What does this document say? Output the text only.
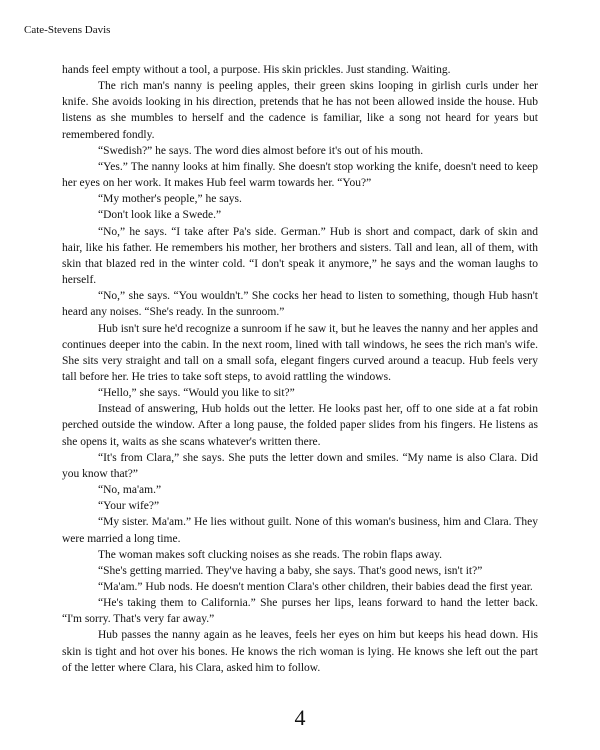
Cate-Stevens Davis

hands feel empty without a tool, a purpose. His skin prickles. Just standing. Waiting.

The rich man's nanny is peeling apples, their green skins looping in girlish curls under her knife. She avoids looking in his direction, pretends that he has not been allowed inside the house. Hub listens as she mumbles to herself and the cadence is familiar, like a song not heard for years but remembered fondly.

“Swedish?” he says. The word dies almost before it's out of his mouth.

“Yes.” The nanny looks at him finally. She doesn't stop working the knife, doesn't need to keep her eyes on her work. It makes Hub feel warm towards her. “You?”

“My mother's people,” he says.

“Don't look like a Swede.”

“No,” he says. “I take after Pa's side. German.” Hub is short and compact, dark of skin and hair, like his father. He remembers his mother, her brothers and sisters. Tall and lean, all of them, with skin that blazed red in the winter cold. “I don't speak it anymore,” he says and the woman laughs to herself.

“No,” she says. “You wouldn't.” She cocks her head to listen to something, though Hub hasn't heard any noises. “She's ready. In the sunroom.”

Hub isn't sure he'd recognize a sunroom if he saw it, but he leaves the nanny and her apples and continues deeper into the cabin. In the next room, lined with tall windows, he sees the rich man's wife. She sits very straight and tall on a small sofa, elegant fingers curved around a teacup. Hub feels very tall before her. He tries to take soft steps, to avoid rattling the windows.

“Hello,” she says. “Would you like to sit?”

Instead of answering, Hub holds out the letter. He looks past her, off to one side at a fat robin perched outside the window. After a long pause, the folded paper slides from his fingers. He listens as she opens it, waits as she scans whatever's written there.

“It's from Clara,” she says. She puts the letter down and smiles. “My name is also Clara. Did you know that?”

“No, ma'am.”

“Your wife?”

“My sister. Ma'am.” He lies without guilt. None of this woman's business, him and Clara. They were married a long time.

The woman makes soft clucking noises as she reads. The robin flaps away.

“She's getting married. They've having a baby, she says. That's good news, isn't it?”

“Ma'am.” Hub nods. He doesn't mention Clara's other children, their babies dead the first year.

“He's taking them to California.” She purses her lips, leans forward to hand the letter back. “I'm sorry. That's very far away.”

Hub passes the nanny again as he leaves, feels her eyes on him but keeps his head down. His skin is tight and hot over his bones. He knows the rich woman is lying. He knows she left out the part of the letter where Clara, his Clara, asked him to follow.

4
